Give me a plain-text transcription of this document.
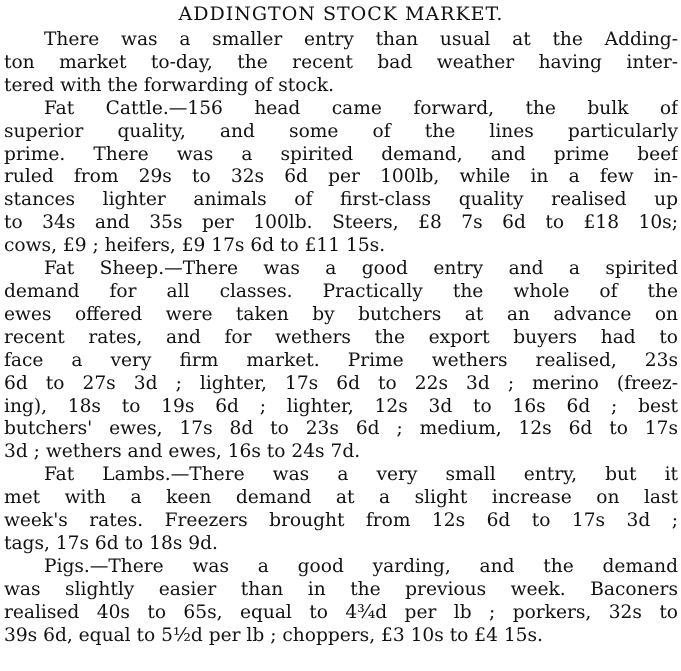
ADDINGTON STOCK MARKET.
There was a smaller entry than usual at the Adding-
ton market to-day, the recent bad weather having inter-
tered with the forwarding of stock.
Fat Cattle.—156 head came forward, the bulk of
superior quality, and some of the lines particularly
prime. There was a spirited demand, and prime beef
ruled from 29s to 32s 6d per 100lb, while in a few in-
stances lighter animals of first-class quality realised up
to 34s and 35s per 100lb. Steers, £8 7s 6d to £18 10s;
cows, £9 ; heifers, £9 17s 6d to £11 15s.
Fat Sheep.—There was a good entry and a spirited
demand for all classes. Practically the whole of the
ewes offered were taken by butchers at an advance on
recent rates, and for wethers the export buyers had to
face a very firm market. Prime wethers realised, 23s
6d to 27s 3d ; lighter, 17s 6d to 22s 3d ; merino (freez-
ing), 18s to 19s 6d ; lighter, 12s 3d to 16s 6d ; best
butchers' ewes, 17s 8d to 23s 6d ; medium, 12s 6d to 17s
3d ; wethers and ewes, 16s to 24s 7d.
Fat Lambs.—There was a very small entry, but it
met with a keen demand at a slight increase on last
week's rates. Freezers brought from 12s 6d to 17s 3d ;
tags, 17s 6d to 18s 9d.
Pigs.—There was a good yarding, and the demand
was slightly easier than in the previous week. Baconers
realised 40s to 65s, equal to 4¾d per lb ; porkers, 32s to
39s 6d, equal to 5½d per lb ; choppers, £3 10s to £4 15s.
